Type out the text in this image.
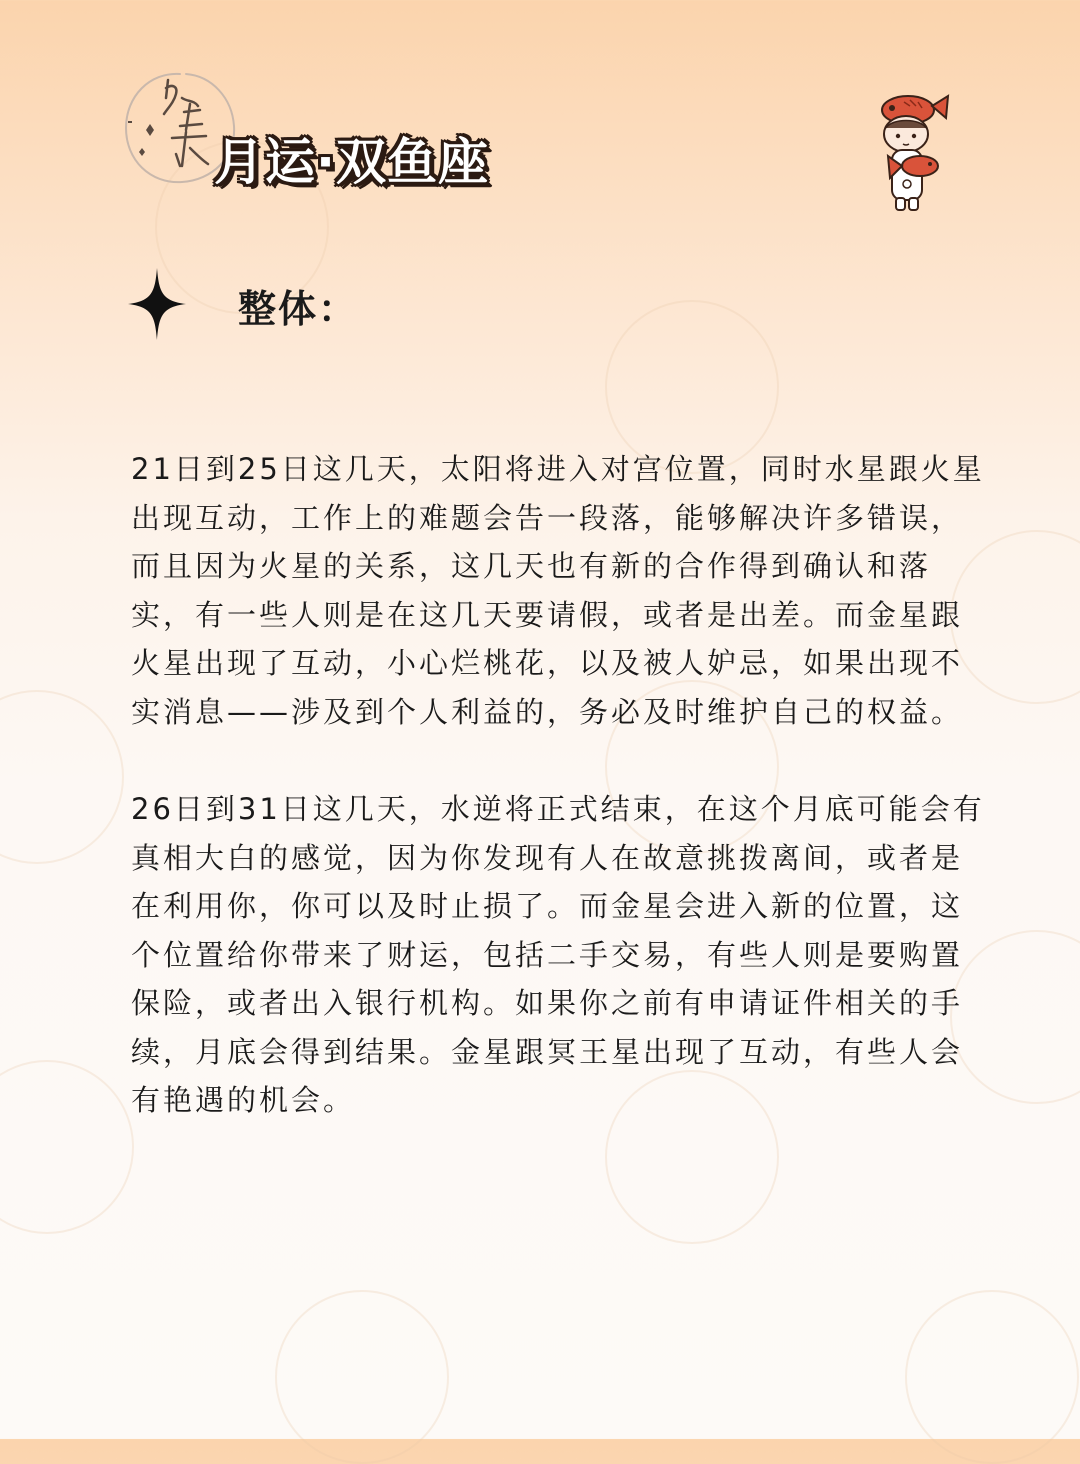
月运·双鱼座
整体：

21日到25日这几天，太阳将进入对宫位置，同时水星跟火星出现互动，工作上的难题会告一段落，能够解决许多错误，而且因为火星的关系，这几天也有新的合作得到确认和落实，有一些人则是在这几天要请假，或者是出差。而金星跟火星出现了互动，小心烂桃花，以及被人妒忌，如果出现不实消息——涉及到个人利益的，务必及时维护自己的权益。

26日到31日这几天，水逆将正式结束，在这个月底可能会有真相大白的感觉，因为你发现有人在故意挑拨离间，或者是在利用你，你可以及时止损了。而金星会进入新的位置，这个位置给你带来了财运，包括二手交易，有些人则是要购置保险，或者出入银行机构。如果你之前有申请证件相关的手续，月底会得到结果。金星跟冥王星出现了互动，有些人会有艳遇的机会。
